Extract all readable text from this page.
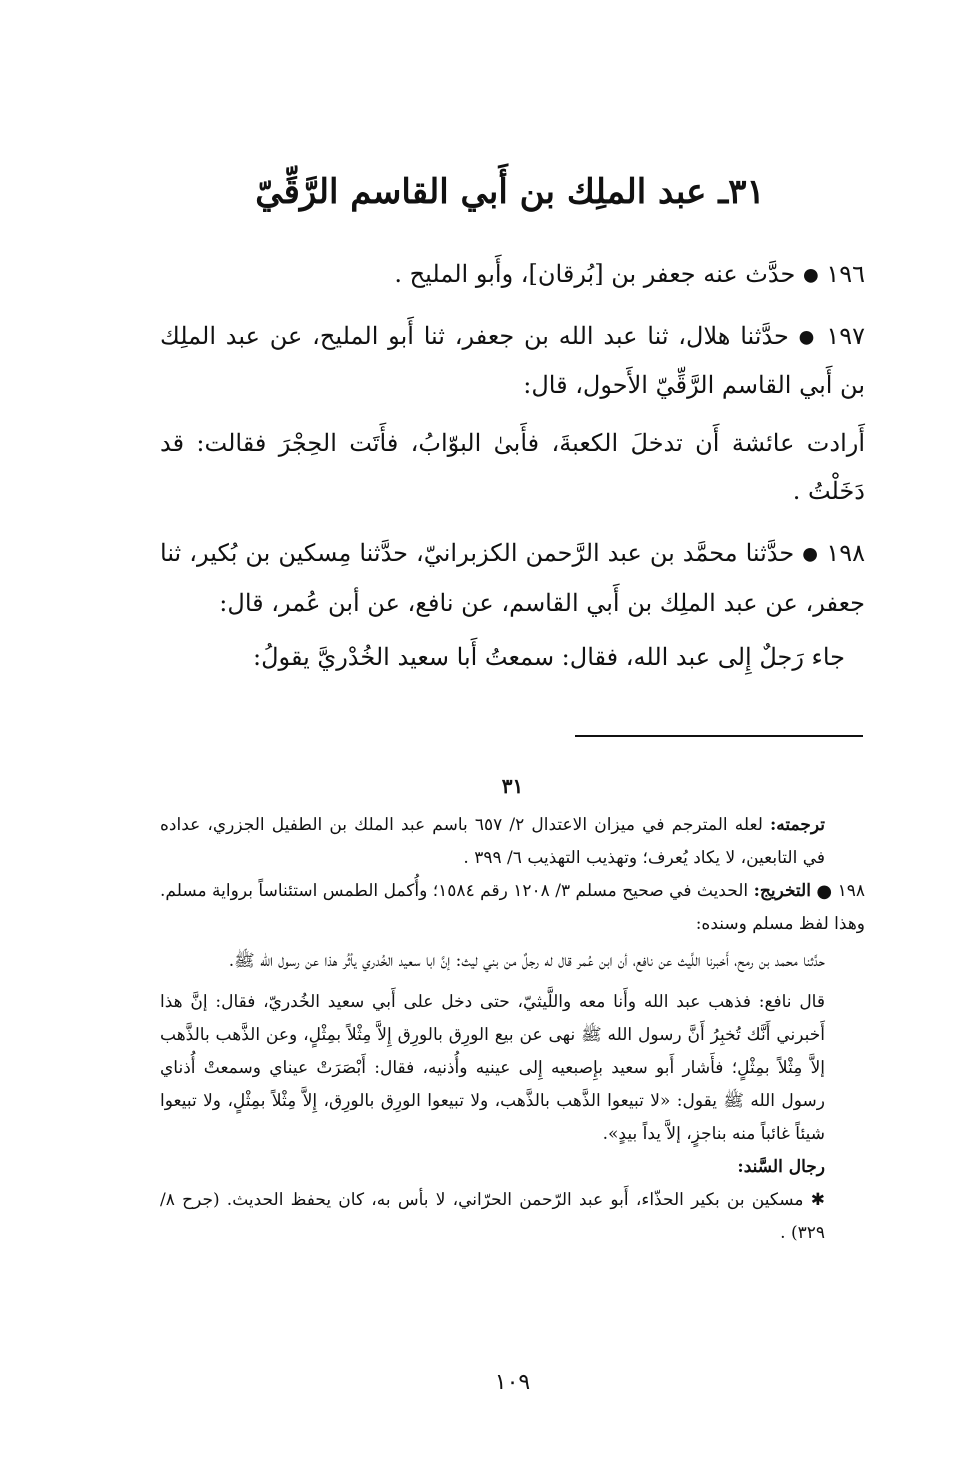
٣١ـ عبد الملِك بن أَبي القاسم الرَّقِّيّ

١٩٦ ● حدَّث عنه جعفر بن [بُرقان]، وأَبو المليح .

١٩٧ ● حدَّثنا هلال، ثنا عبد الله بن جعفر، ثنا أَبو المليح، عن عبد الملِك بن أَبي القاسم الرَّقِّيّ الأَحول، قال:

أَرادت عائشة أَن تدخلَ الكعبةَ، فأَبىٰ البوّابُ، فأَتَت الحِجْرَ فقالت: قد دَخَلْتُ .

١٩٨ ● حدَّثنا محمَّد بن عبد الرَّحمن الكزبرانيّ، حدَّثنا مِسكين بن بُكير، ثنا جعفر، عن عبد الملِك بن أَبي القاسم، عن نافع، عن أبن عُمر، قال:

جاء رَجلٌ إِلى عبد الله، فقال: سمعتُ أَبا سعيد الخُدْريَّ يقولُ:

٣١

ترجمته: لعله المترجم في ميزان الاعتدال ٢/ ٦٥٧ باسم عبد الملك بن الطفيل الجزري، عداده في التابعين، لا يكاد يُعرف؛ وتهذيب التهذيب ٦/ ٣٩٩ .

١٩٨ ● التخريج: الحديث في صحيح مسلم ٣/ ١٢٠٨ رقم ١٥٨٤؛ وأُكمل الطمس استئناساً برواية مسلم. وهذا لفظ مسلم وسنده:

حدَّثنا محمد بن رمح، أَخبرنا اللَّيث عن نافع، أن ابن عُمر قال له رجلٌ من بني ليث: إنَّ ابا سعيد الخُدري يأثُر هذا عن رسول الله ﷺ.

قال نافع: فذهب عبد الله وأَنا معه واللَّيثيّ، حتى دخل على أَبي سعيد الخُدريّ، فقال: إنَّ هذا أَخبرني أَنَّك تُخبِرُ أَنَّ رسول الله ﷺ نهى عن بيع الورِق بالورِق إِلاَّ مِثْلاً بمِثْلٍ، وعن الذَّهب بالذَّهب إلاَّ مِثْلاً بمِثْلٍ؛ فأَشار أَبو سعيد بإِصبعيه إِلى عينيه وأُذنيه، فقال: أَبْصَرَتْ عيناي وسمعتْ أُذناي رسول الله ﷺ يقول: «لا تبيعوا الذَّهب بالذَّهب، ولا تبيعوا الورِق بالورِق، إِلاَّ مِثْلاً بمِثْلٍ، ولا تبيعوا شيئاً غائباً منه بناجزٍ، إلاَّ يداً بيدٍ».

رجال السَّند:

✱ مسكين بن بكير الحذّاء، أَبو عبد الرّحمن الحرّاني، لا بأس به، كان يحفظ الحديث. (جرح ٨/ ٣٢٩) .

١٠٩
